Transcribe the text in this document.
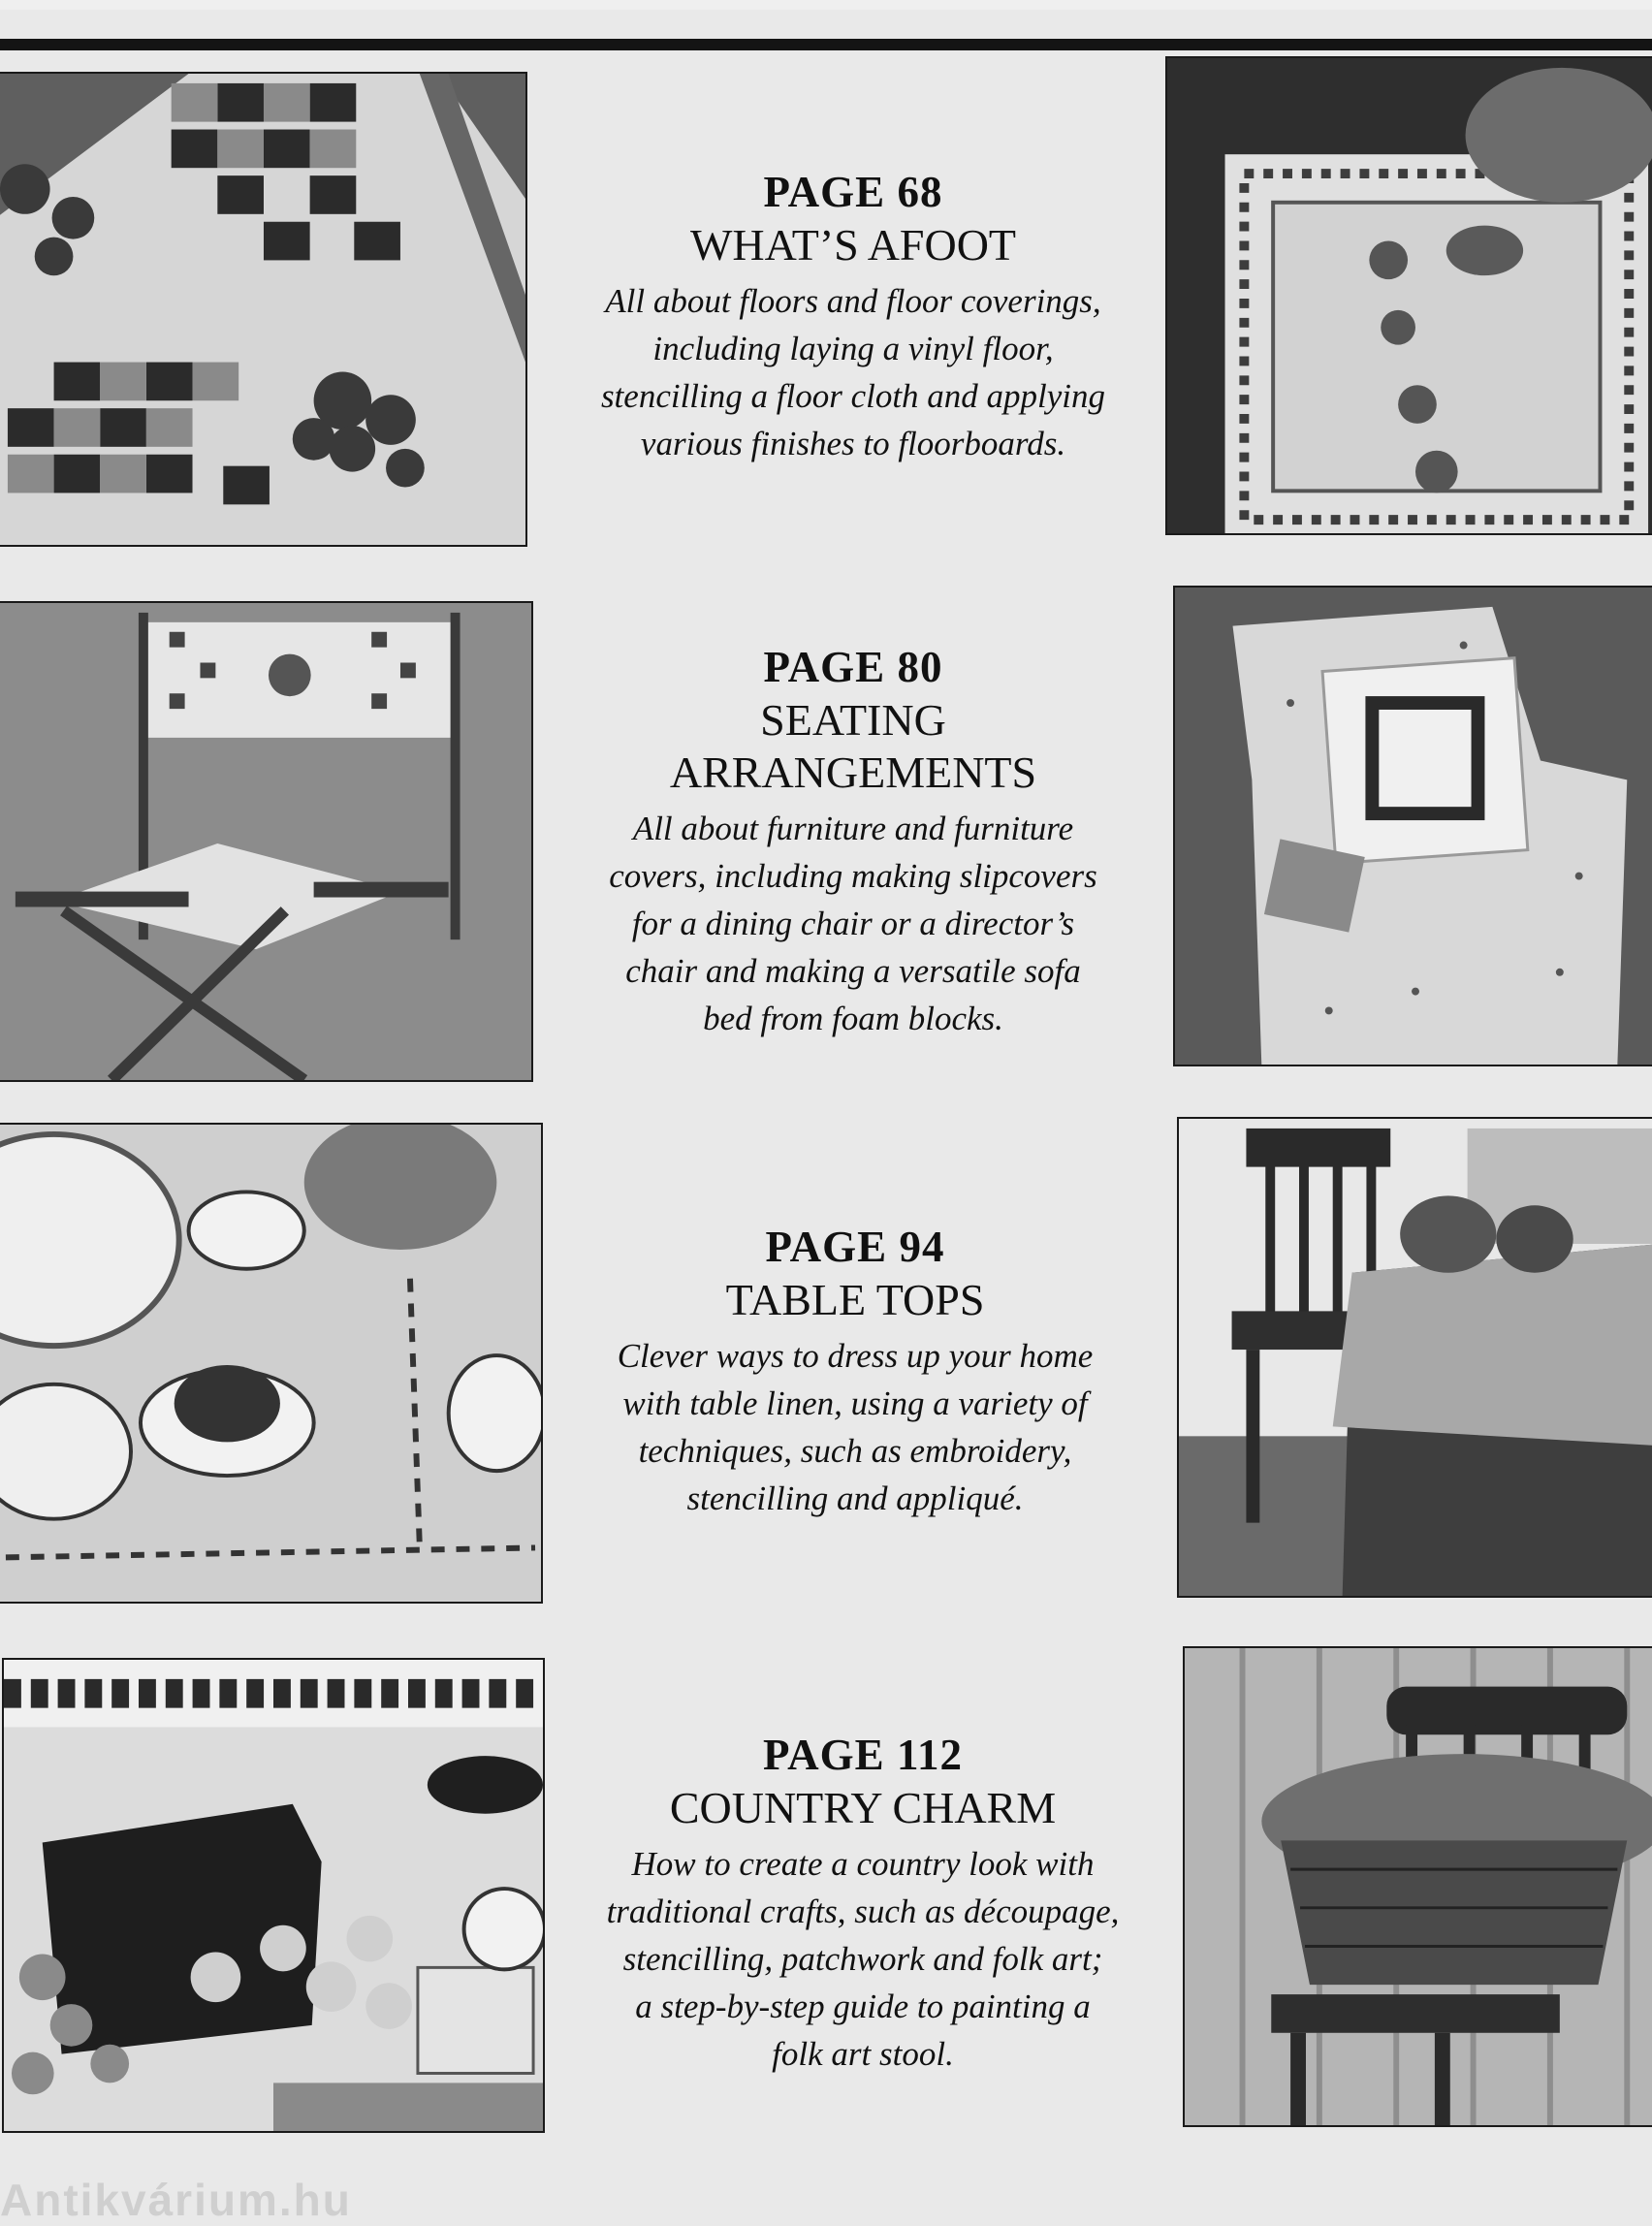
PAGE 68
WHAT’S AFOOT
All about floors and floor coverings,
including laying a vinyl floor,
stencilling a floor cloth and applying
various finishes to floorboards.
PAGE 80
SEATING
ARRANGEMENTS
All about furniture and furniture
covers, including making slipcovers
for a dining chair or a director’s
chair and making a versatile sofa
bed from foam blocks.
PAGE 94
TABLE TOPS
Clever ways to dress up your home
with table linen, using a variety of
techniques, such as embroidery,
stencilling and appliqué.
PAGE 112
COUNTRY CHARM
How to create a country look with
traditional crafts, such as découpage,
stencilling, patchwork and folk art;
a step-by-step guide to painting a
folk art stool.
Antikvárium.hu
